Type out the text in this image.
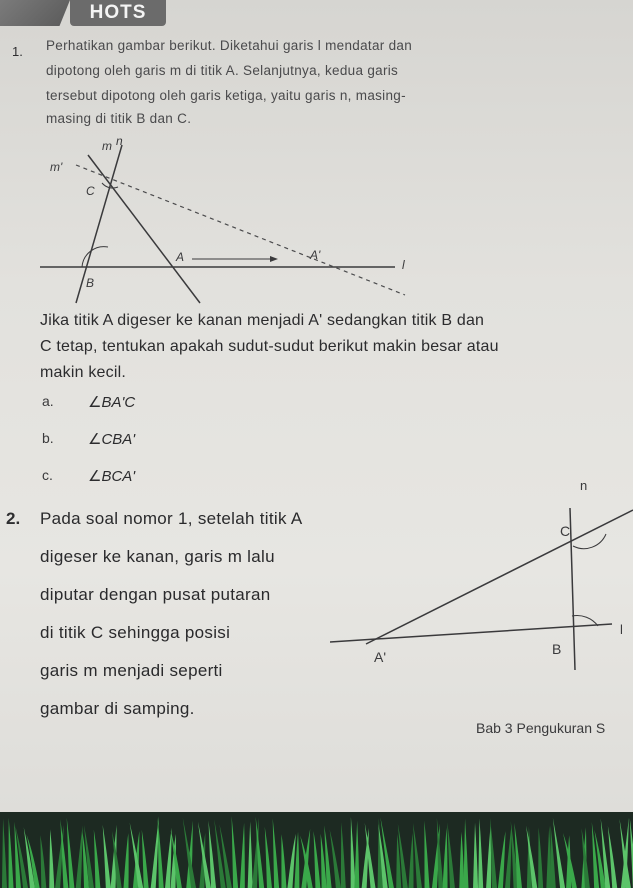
HOTS
1. Perhatikan gambar berikut. Diketahui garis l mendatar dan
dipotong oleh garis m di titik A. Selanjutnya, kedua garis
tersebut dipotong oleh garis ketiga, yaitu garis n, masing-
masing di titik B dan C.
m n
m'
C
A	A'
B
l
Jika titik A digeser ke kanan menjadi A' sedangkan titik B dan
C tetap, tentukan apakah sudut-sudut berikut makin besar atau
makin kecil.
a. ∠BA'C
b. ∠CBA'
c. ∠BCA'
2. Pada soal nomor 1, setelah titik A
digeser ke kanan, garis m lalu
diputar dengan pusat putaran
di titik C sehingga posisi
garis m menjadi seperti
gambar di samping.
n
C
A'	B
l
Bab 3 Pengukuran S
